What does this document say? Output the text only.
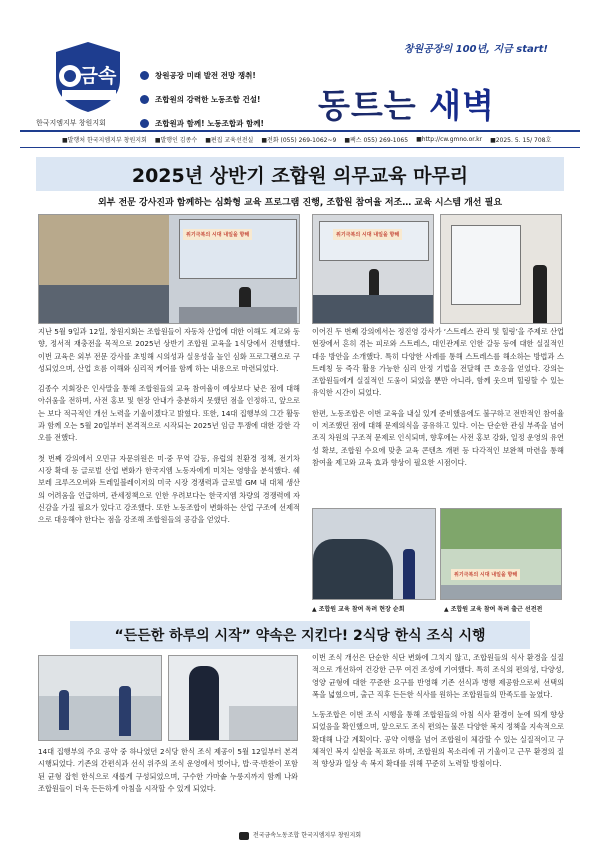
금속
한국지엠지부 창원지회
창원공장 미래 발전 전망 쟁취!
조합원의 강력한 노동조합 건설!
조합원과 함께! 노동조합과 함께!
창원공장의 100년, 지금 start!
동트는 새벽
■발행처 한국지엠지부 창원지회 ■발행인 김종수 ■편집 교육선전실 ■전화 (055) 269-1062~9 ■팩스 055) 269-1065 ■http://cw.gmno.or.kr ■2025. 5. 15/ 708호
2025년 상반기 조합원 의무교육 마무리
외부 전문 강사진과 함께하는 심화형 교육 프로그램 진행, 조합원 참여율 저조… 교육 시스템 개선 필요
위기극복의 시대 내일을 향해	위기극복의 시대 내일을 향해

지난 5월 9일과 12일, 창원지회는 조합원들이 자동차 산업에 대한 이해도 제고와 동향, 정서적 재충전을 목적으로 2025년 상반기 조합원 교육을 1식당에서 진행했다. 이번 교육은 외부 전문 강사를 초빙해 시의성과 실용성을 높인 심화 프로그램으로 구성되었으며, 산업 흐름 이해와 심리적 케어를 함께 하는 내용으로 마련되었다.

김종수 지회장은 인사말을 통해 조합원들의 교육 참여율이 예상보다 낮은 점에 대해 아쉬움을 전하며, 사전 홍보 및 현장 안내가 충분하지 못했던 점을 인정하고, 앞으로는 보다 적극적인 개선 노력을 기울이겠다고 밝혔다. 또한, 14대 집행부의 그간 활동과 함께 오는 5월 20일부터 본격적으로 시작되는 2025년 임금 투쟁에 대한 강한 각오를 전했다.

첫 번째 강의에서 오민규 자문위원은 미·중 무역 갈등, 유럽의 친환경 정책, 전기차 시장 확대 등 글로벌 산업 변화가 한국지엠 노동자에게 미치는 영향을 분석했다. 쉐보레 크루즈오버와 트레일블레이저의 미국 시장 경쟁력과 글로벌 GM 내 대체 생산의 어려움을 언급하며, 관세정책으로 인한 우려보다는 한국지엠 차량의 경쟁력에 자신감을 가질 필요가 있다고 강조했다. 또한 노동조합이 변화하는 산업 구조에 선제적으로 대응해야 한다는 점을 강조해 조합원들의 공감을 얻었다.

이어진 두 번째 강의에서는 정진영 강사가 ‘스트레스 관리 및 힐링’을 주제로 산업 현장에서 흔히 겪는 피로와 스트레스, 대인관계로 인한 갈등 등에 대한 실질적인 대응 방안을 소개했다. 특히 다양한 사례를 통해 스트레스를 해소하는 방법과 스트레칭 등 즉각 활용 가능한 심리 안정 기법을 전달해 큰 호응을 얻었다. 강의는 조합원들에게 실질적인 도움이 되었을 뿐만 아니라, 함께 웃으며 힐링할 수 있는 유익한 시간이 되었다.

한편, 노동조합은 이번 교육을 내실 있게 준비했음에도 불구하고 전반적인 참여율이 저조했던 점에 대해 문제의식을 공유하고 있다. 이는 단순한 관심 부족을 넘어 조직 차원의 구조적 문제로 인식되며, 향후에는 사전 홍보 강화, 일정 운영의 유연성 확보, 조합원 수요에 맞춘 교육 콘텐츠 개편 등 다각적인 보완책 마련을 통해 참여율 제고와 교육 효과 향상이 필요한 시점이다.

위기극복의 시대 내일을 향해
▲ 조합원 교육 참여 독려 현장 순회	▲ 조합원 교육 참여 독려 출근 선전전
“든든한 하루의 시작” 약속은 지킨다! 2식당 한식 조식 시행

14대 집행부의 주요 공약 중 하나였던 2식당 한식 조식 제공이 5월 12일부터 본격 시행되었다. 기존의 간편식과 선식 위주의 조식 운영에서 벗어나, 밥·국·반찬이 포함된 균형 잡힌 한식으로 새롭게 구성되었으며, 구수한 가마솥 누룽지까지 함께 나와 조합원들이 더욱 든든하게 아침을 시작할 수 있게 되었다.

이번 조식 개선은 단순한 식단 변화에 그치지 않고, 조합원들의 식사 환경을 실질적으로 개선하여 건강한 근무 여건 조성에 기여했다. 특히 조식의 편의성, 다양성, 영양 균형에 대한 꾸준한 요구를 반영해 기존 선식과 병행 제공함으로써 선택의 폭을 넓혔으며, 출근 직후 든든한 식사를 원하는 조합원들의 만족도를 높였다.

노동조합은 이번 조식 시행을 통해 조합원들의 아침 식사 환경이 눈에 띄게 향상되었음을 확인했으며, 앞으로도 조식 편의는 물론 다양한 복지 정책을 지속적으로 확대해 나갈 계획이다. 공약 이행을 넘어 조합원이 체감할 수 있는 실질적이고 구체적인 복지 실현을 목표로 하며, 조합원의 목소리에 귀 기울이고 근무 환경의 질적 향상과 일상 속 복지 확대를 위해 꾸준히 노력할 방침이다.

전국금속노동조합 한국지엠지부 창원지회
